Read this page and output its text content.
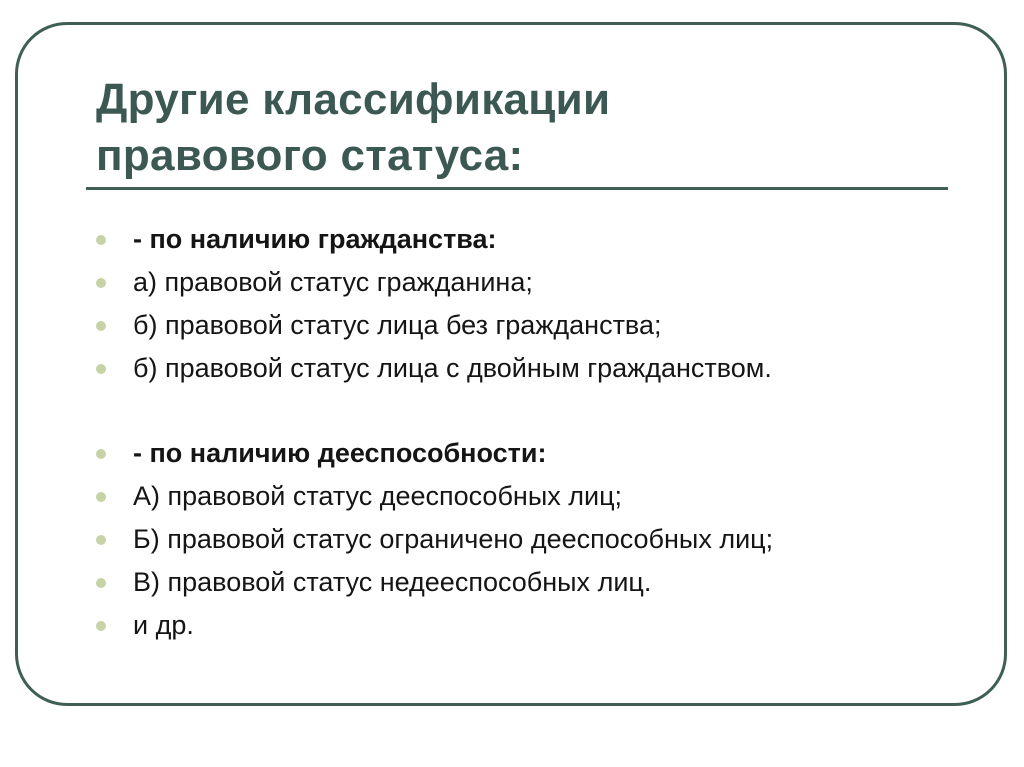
Другие классификации
правового статуса:
- по наличию гражданства:
а) правовой статус гражданина;
б) правовой статус лица без гражданства;
б) правовой статус лица с двойным гражданством.
- по наличию дееспособности:
А) правовой статус дееспособных лиц;
Б) правовой статус ограничено дееспособных лиц;
В) правовой статус недееспособных лиц.
и др.
